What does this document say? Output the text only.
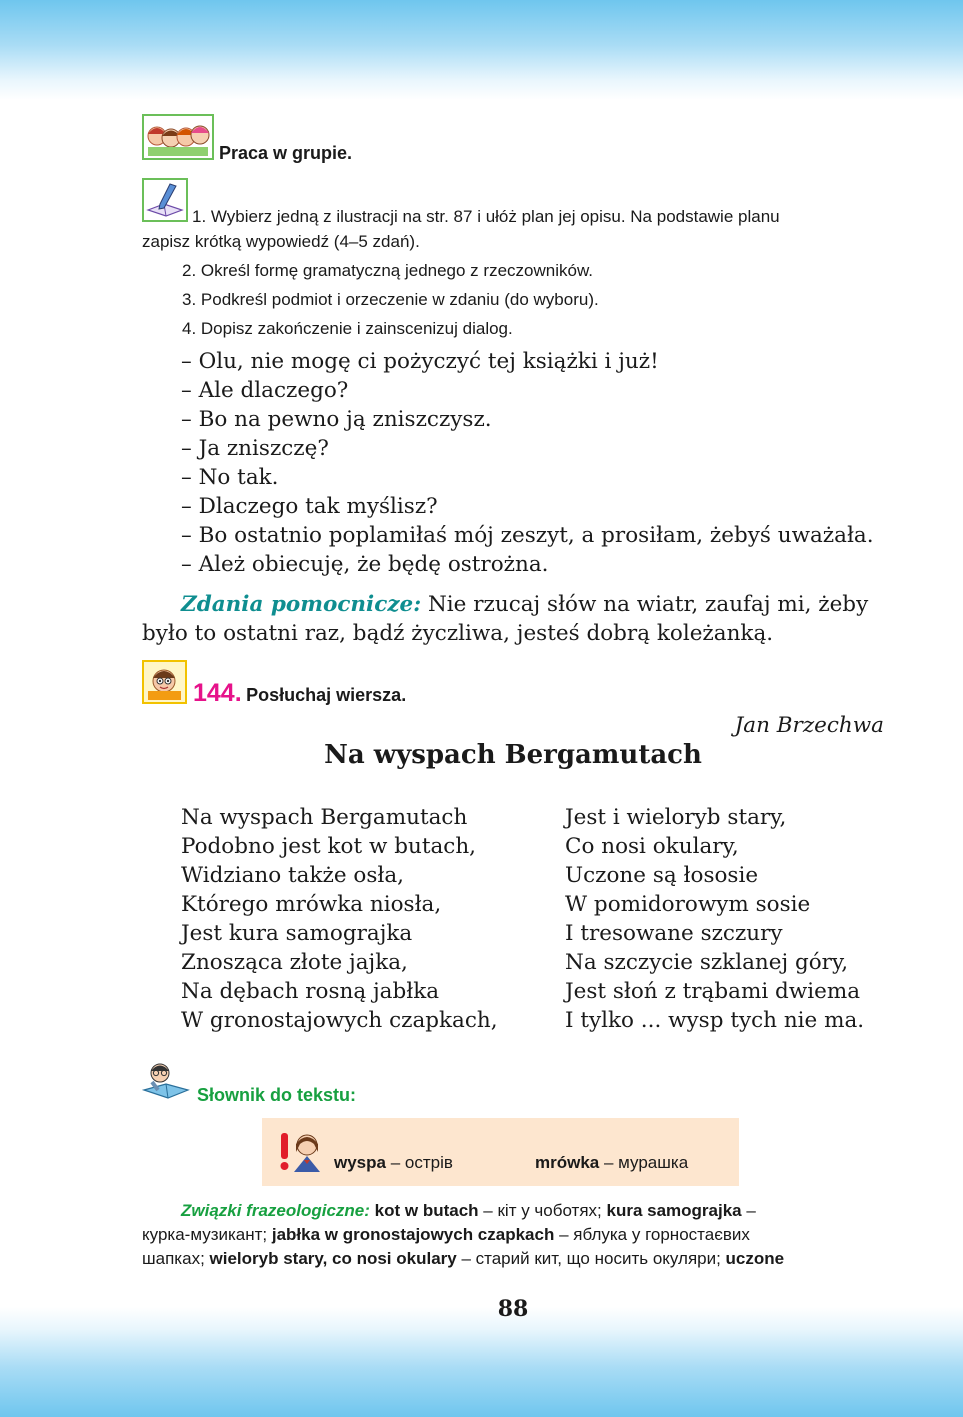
Praca w grupie.
1. Wybierz jedną z ilustracji na str. 87 i ułóż plan jej opisu. Na podstawie planu
zapisz krótką wypowiedź (4–5 zdań).
2. Określ formę gramatyczną jednego z rzeczowników.
3. Podkreśl podmiot i orzeczenie w zdaniu (do wyboru).
4. Dopisz zakończenie i zainscenizuj dialog.
– Olu, nie mogę ci pożyczyć tej książki i już!
– Ale dlaczego?
– Bo na pewno ją zniszczysz.
– Ja zniszczę?
– No tak.
– Dlaczego tak myślisz?
– Bo ostatnio poplamiłaś mój zeszyt, a prosiłam, żebyś uważała.
– Ależ obiecuję, że będę ostrożna.
Zdania pomocnicze: Nie rzucaj słów na wiatr, zaufaj mi, żeby
było to ostatni raz, bądź życzliwa, jesteś dobrą koleżanką.
144. Posłuchaj wiersza.
Jan Brzechwa
Na wyspach Bergamutach
Na wyspach Bergamutach
Podobno jest kot w butach,
Widziano także osła,
Którego mrówka niosła,
Jest kura samograjka
Znosząca złote jajka,
Na dębach rosną jabłka
W gronostajowych czapkach,
Jest i wieloryb stary,
Co nosi okulary,
Uczone są łososie
W pomidorowym sosie
I tresowane szczury
Na szczycie szklanej góry,
Jest słoń z trąbami dwiema
I tylko ... wysp tych nie ma.
Słownik do tekstu:
wyspa – острів	mrówka – мурашка
Związki frazeologiczne: kot w butach – кіт у чоботях; kura samograjka –
курка-музикант; jabłka w gronostajowych czapkach – яблука у горностаєвих
шапках; wieloryb stary, co nosi okulary – старий кит, що носить окуляри; uczone
88
